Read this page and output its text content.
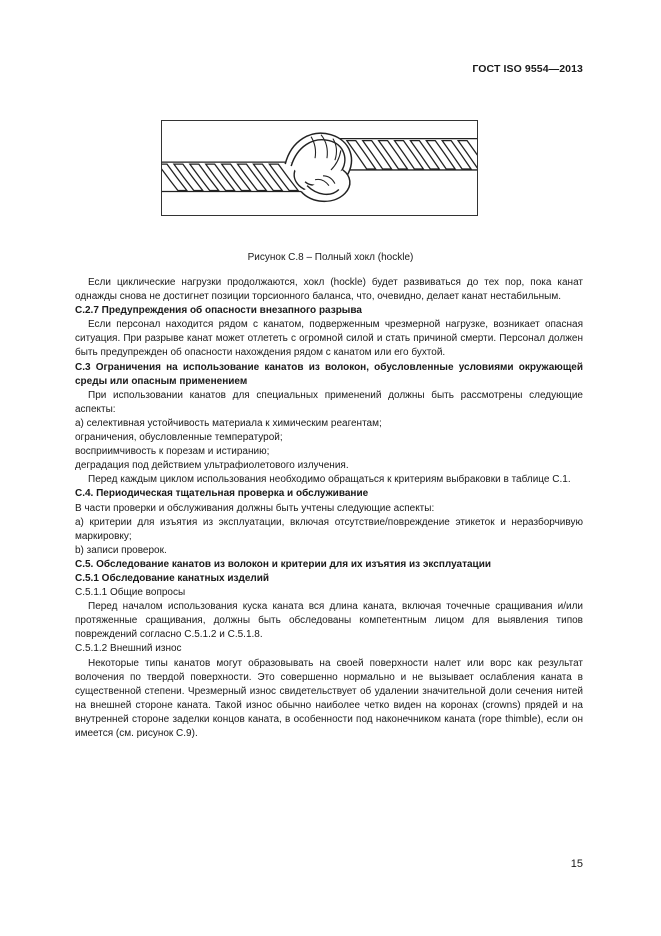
ГОСТ ISO 9554—2013
Рисунок С.8 – Полный хокл (hockle)

Если циклические нагрузки продолжаются, хокл (hockle) будет развиваться до тех пор, пока канат однажды снова не достигнет позиции торсионного баланса, что, очевидно, делает канат нестабильным.

С.2.7 Предупреждения об опасности внезапного разрыва

Если персонал находится рядом с канатом, подверженным чрезмерной нагрузке, возникает опасная ситуация. При разрыве канат может отлететь с огромной силой и стать причиной смерти. Персонал должен быть предупрежден об опасности нахождения рядом с канатом или его бухтой.

С.3 Ограничения на использование канатов из волокон, обусловленные условиями окружающей среды или опасным применением

При использовании канатов для специальных применений должны быть рассмотрены следующие аспекты:

а) селективная устойчивость материала к химическим реагентам;

ограничения, обусловленные температурой;

восприимчивость к порезам и истиранию;

деградация под действием ультрафиолетового излучения.

Перед каждым циклом использования необходимо обращаться к критериям выбраковки в таблице С.1.

С.4. Периодическая тщательная проверка и обслуживание

В части проверки и обслуживания должны быть учтены следующие аспекты:

а) критерии для изъятия из эксплуатации, включая отсутствие/повреждение этикеток и неразборчивую маркировку;

b) записи проверок.

С.5. Обследование канатов из волокон и критерии для их изъятия из эксплуатации

С.5.1 Обследование канатных изделий

С.5.1.1 Общие вопросы

Перед началом использования куска каната вся длина каната, включая точечные сращивания и/или протяженные сращивания, должны быть обследованы компетентным лицом для выявления типов повреждений согласно С.5.1.2 и С.5.1.8.

С.5.1.2 Внешний износ

Некоторые типы канатов могут образовывать на своей поверхности налет или ворс как результат волочения по твердой поверхности. Это совершенно нормально и не вызывает ослабления каната в существенной степени. Чрезмерный износ свидетельствует об удалении значительной доли сечения нитей на внешней стороне каната. Такой износ обычно наиболее четко виден на коронах (crowns) прядей и на внутренней стороне заделки концов каната, в особенности под наконечником каната (rope thimble), если он имеется (см. рисунок С.9).

15
